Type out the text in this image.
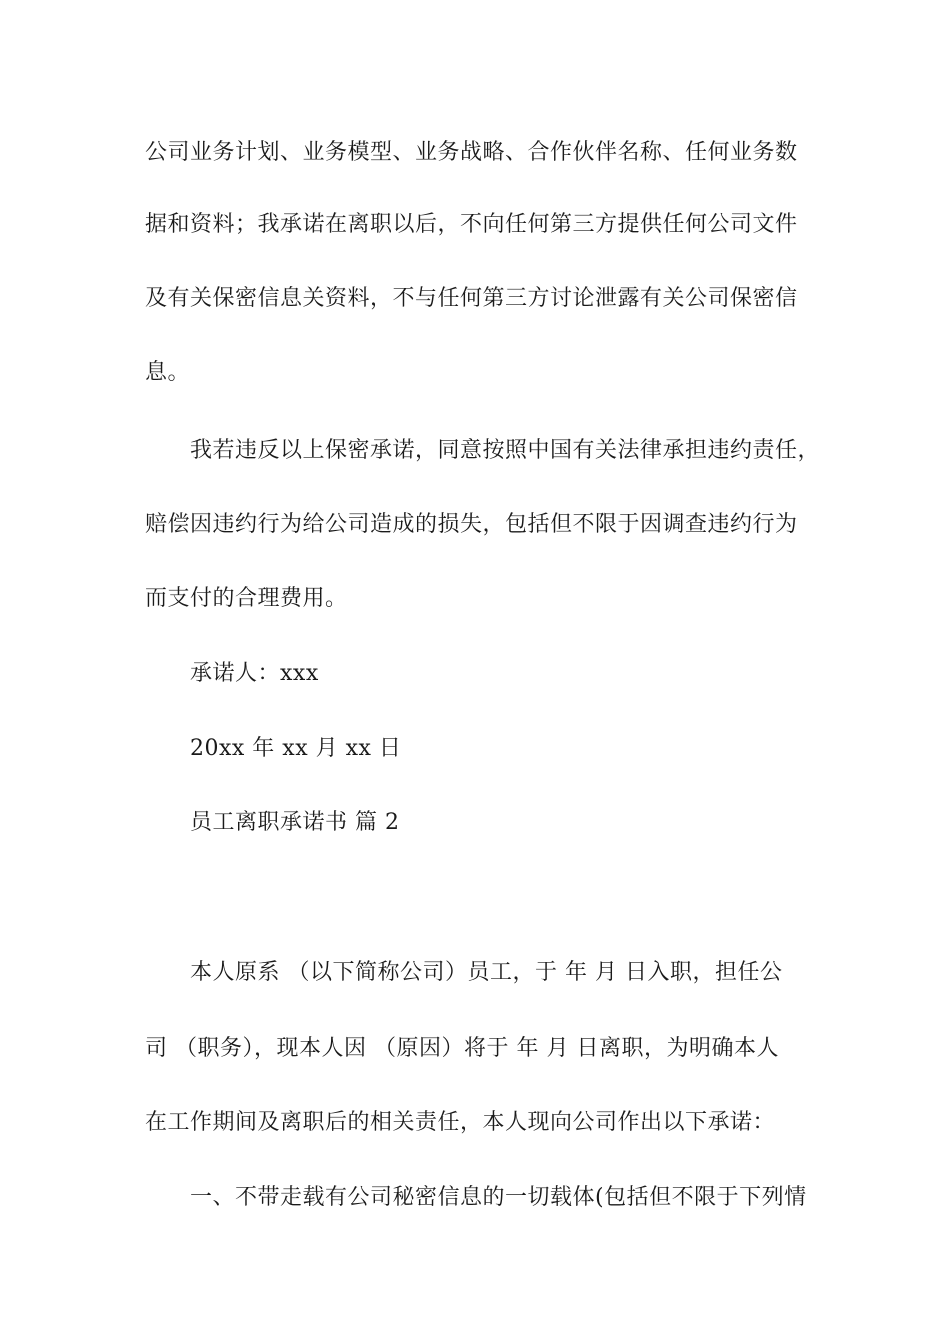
公司业务计划、业务模型、业务战略、合作伙伴名称、任何业务数
据和资料；我承诺在离职以后，不向任何第三方提供任何公司文件
及有关保密信息关资料，不与任何第三方讨论泄露有关公司保密信
息。
我若违反以上保密承诺，同意按照中国有关法律承担违约责任，
赔偿因违约行为给公司造成的损失，包括但不限于因调查违约行为
而支付的合理费用。
承诺人：xxx
20xx 年 xx 月 xx 日
员工离职承诺书 篇 2
本人原系 （以下简称公司）员工，于 年 月 日入职，担任公
司 （职务），现本人因 （原因）将于 年 月 日离职，为明确本人
在工作期间及离职后的相关责任，本人现向公司作出以下承诺：
一、不带走载有公司秘密信息的一切载体(包括但不限于下列情
